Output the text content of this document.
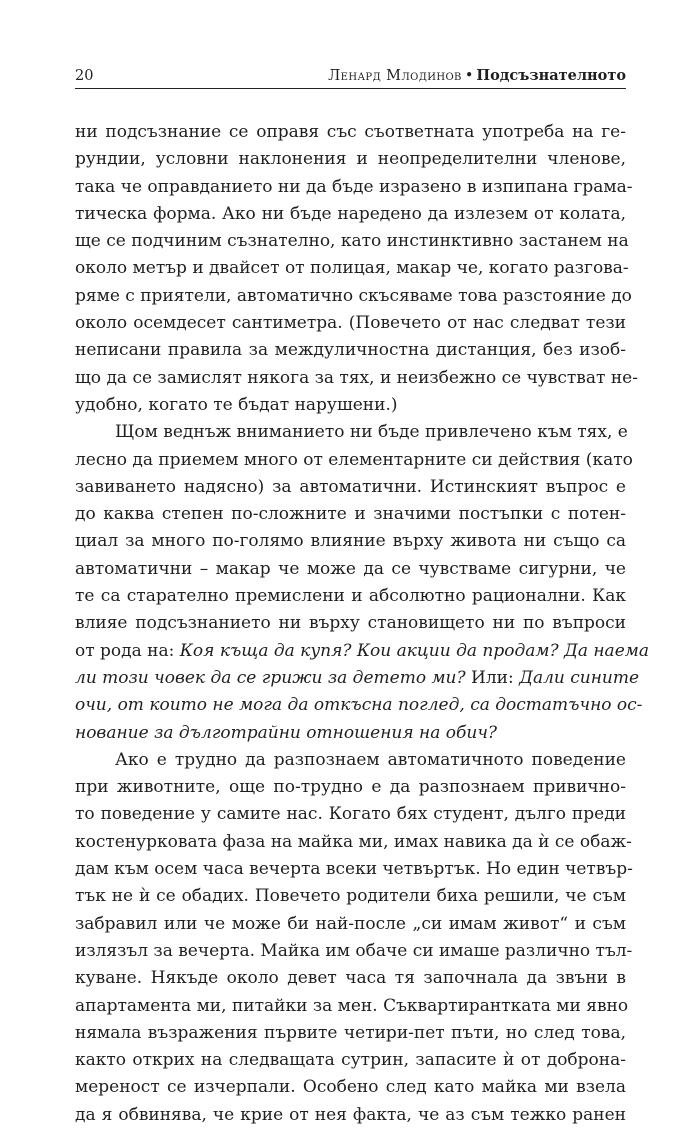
20	Ленард Млодинов • Подсъзнателното
ни подсъзнание се оправя със съответната употреба на ге-
рундии, условни наклонения и неопределителни членове,
така че оправданието ни да бъде изразено в изпипана грама-
тическа форма. Ако ни бъде наредено да излезем от колата,
ще се подчиним съзнателно, като инстинктивно застанем на
около метър и двайсет от полицая, макар че, когато разгова-
ряме с приятели, автоматично скъсяваме това разстояние до
около осемдесет сантиметра. (Повечето от нас следват тези
неписани правила за междуличностна дистанция, без изоб-
що да се замислят някога за тях, и неизбежно се чувстват не-
удобно, когато те бъдат нарушени.)
Щом веднъж вниманието ни бъде привлечено към тях, е
лесно да приемем много от елементарните си действия (като
завиването надясно) за автоматични. Истинският въпрос е
до каква степен по-сложните и значими постъпки с потен-
циал за много по-голямо влияние върху живота ни също са
автоматични – макар че може да се чувстваме сигурни, че
те са старателно премислени и абсолютно рационални. Как
влияе подсъзнанието ни върху становището ни по въпроси
от рода на: Коя къща да купя? Кои акции да продам? Да наема
ли този човек да се грижи за детето ми? Или: Дали сините
очи, от които не мога да откъсна поглед, са достатъчно ос-
нование за дълготрайни отношения на обич?
Ако е трудно да разпознаем автоматичното поведение
при животните, още по-трудно е да разпознаем привично-
то поведение у самите нас. Когато бях студент, дълго преди
костенурковата фаза на майка ми, имах навика да ѝ се обаж-
дам към осем часа вечерта всеки четвъртък. Но един четвър-
тък не ѝ се обадих. Повечето родители биха решили, че съм
забравил или че може би най-после „си имам живот“ и съм
излязъл за вечерта. Майка им обаче си имаше различно тъл-
куване. Някъде около девет часа тя започнала да звъни в
апартамента ми, питайки за мен. Съквартирантката ми явно
нямала възражения първите четири-пет пъти, но след това,
както открих на следващата сутрин, запасите ѝ от доброна-
мереност се изчерпали. Особено след като майка ми взела
да я обвинява, че крие от нея факта, че аз съм тежко ранен
